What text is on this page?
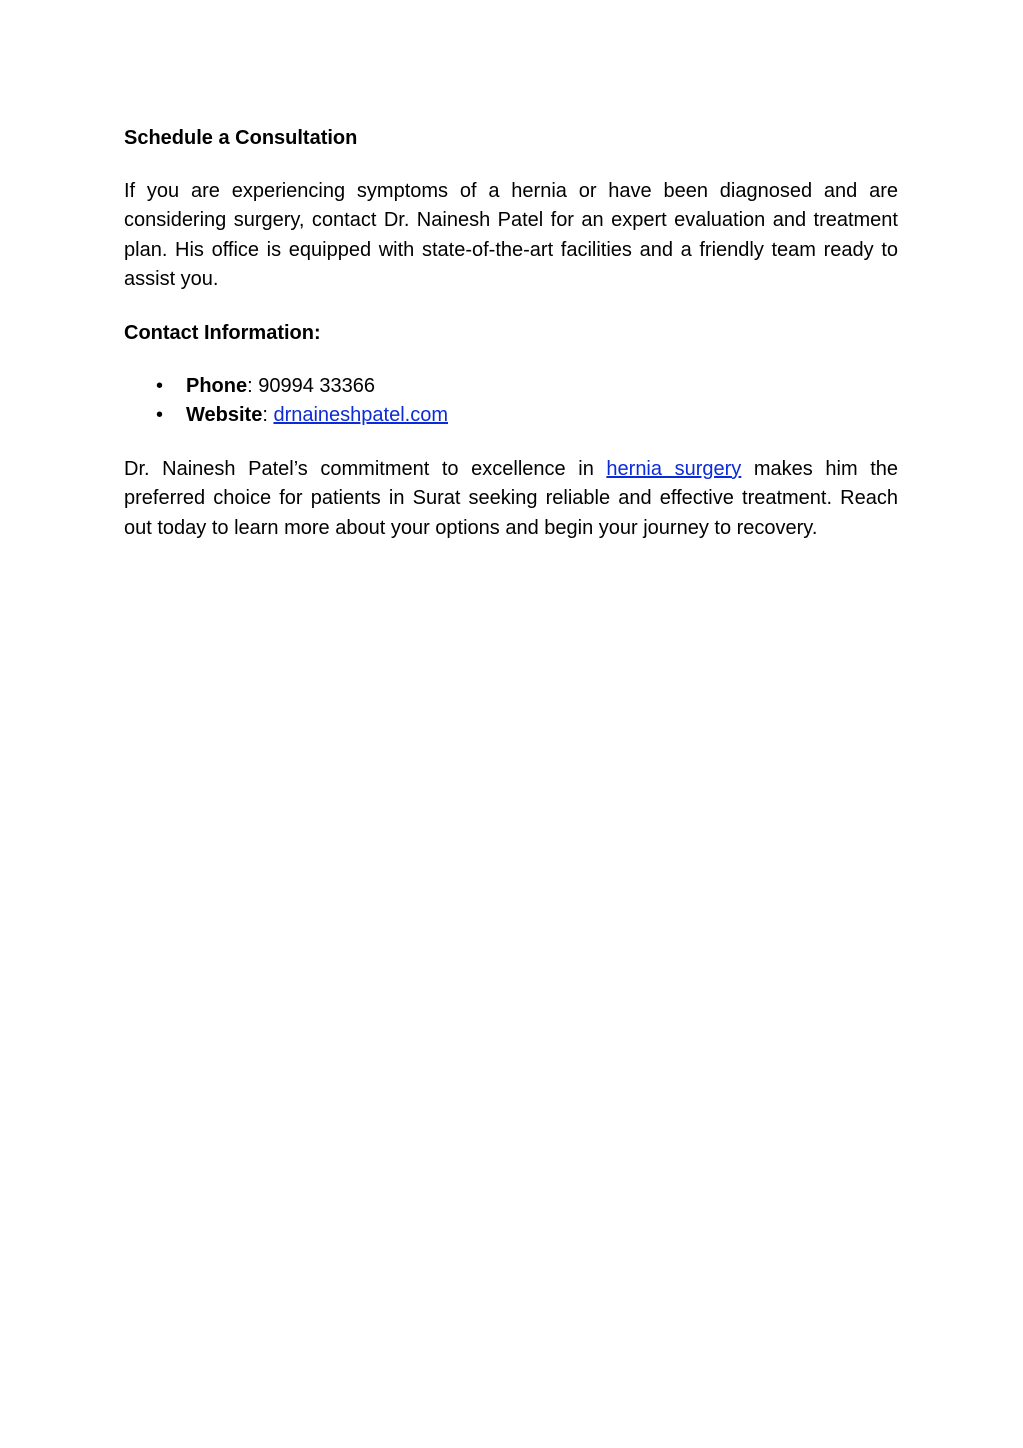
Schedule a Consultation

If you are experiencing symptoms of a hernia or have been diagnosed and are considering surgery, contact Dr. Nainesh Patel for an expert evaluation and treatment plan. His office is equipped with state-of-the-art facilities and a friendly team ready to assist you.

Contact Information:
• Phone: 90994 33366
• Website: drnaineshpatel.com

Dr. Nainesh Patel’s commitment to excellence in hernia surgery makes him the preferred choice for patients in Surat seeking reliable and effective treatment. Reach out today to learn more about your options and begin your journey to recovery.
